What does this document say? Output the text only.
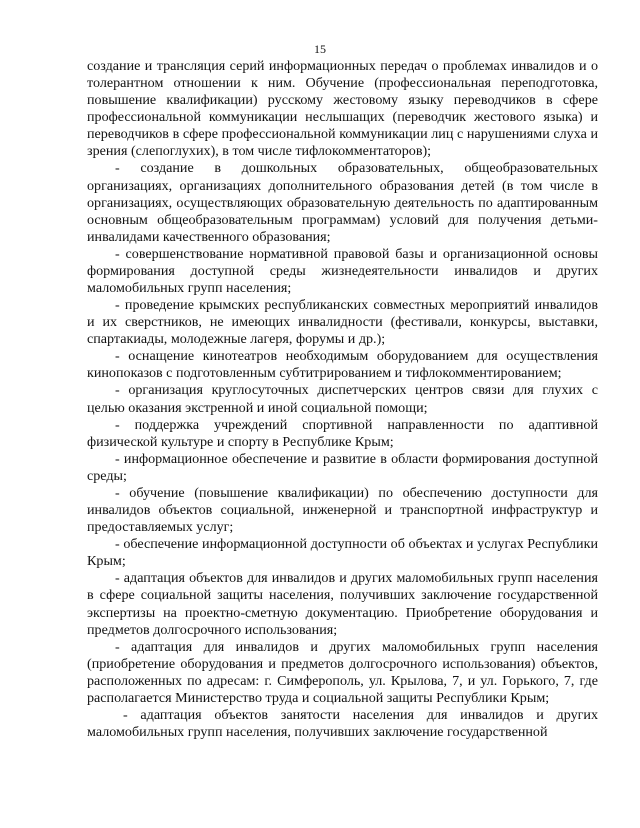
15

создание и трансляция серий информационных передач о проблемах инвалидов и о толерантном отношении к ним. Обучение (профессиональная переподготовка, повышение квалификации) русскому жестовому языку переводчиков в сфере профессиональной коммуникации неслышащих (переводчик жестового языка) и переводчиков в сфере профессиональной коммуникации лиц с нарушениями слуха и зрения (слепоглухих), в том числе тифлокомментаторов);

- создание в дошкольных образовательных, общеобразовательных организациях, организациях дополнительного образования детей (в том числе в организациях, осуществляющих образовательную деятельность по адаптированным основным общеобразовательным программам) условий для получения детьми-инвалидами качественного образования;

- совершенствование нормативной правовой базы и организационной основы формирования доступной среды жизнедеятельности инвалидов и других маломобильных групп населения;

- проведение крымских республиканских совместных мероприятий инвалидов и их сверстников, не имеющих инвалидности (фестивали, конкурсы, выставки, спартакиады, молодежные лагеря, форумы и др.);

- оснащение кинотеатров необходимым оборудованием для осуществления кинопоказов с подготовленным субтитрированием и тифлокомментированием;

- организация круглосуточных диспетчерских центров связи для глухих с целью оказания экстренной и иной социальной помощи;

- поддержка учреждений спортивной направленности по адаптивной физической культуре и спорту в Республике Крым;

- информационное обеспечение и развитие в области формирования доступной среды;

- обучение (повышение квалификации) по обеспечению доступности для инвалидов объектов социальной, инженерной и транспортной инфраструктур и предоставляемых услуг;

- обеспечение информационной доступности об объектах и услугах Республики Крым;

- адаптация объектов для инвалидов и других маломобильных групп населения в сфере социальной защиты населения, получивших заключение государственной экспертизы на проектно-сметную документацию. Приобретение оборудования и предметов долгосрочного использования;

- адаптация для инвалидов и других маломобильных групп населения (приобретение оборудования и предметов долгосрочного использования) объектов, расположенных по адресам: г. Симферополь, ул. Крылова, 7, и ул. Горького, 7, где располагается Министерство труда и социальной защиты Республики Крым;

- адаптация объектов занятости населения для инвалидов и других маломобильных групп населения, получивших заключение государственной
